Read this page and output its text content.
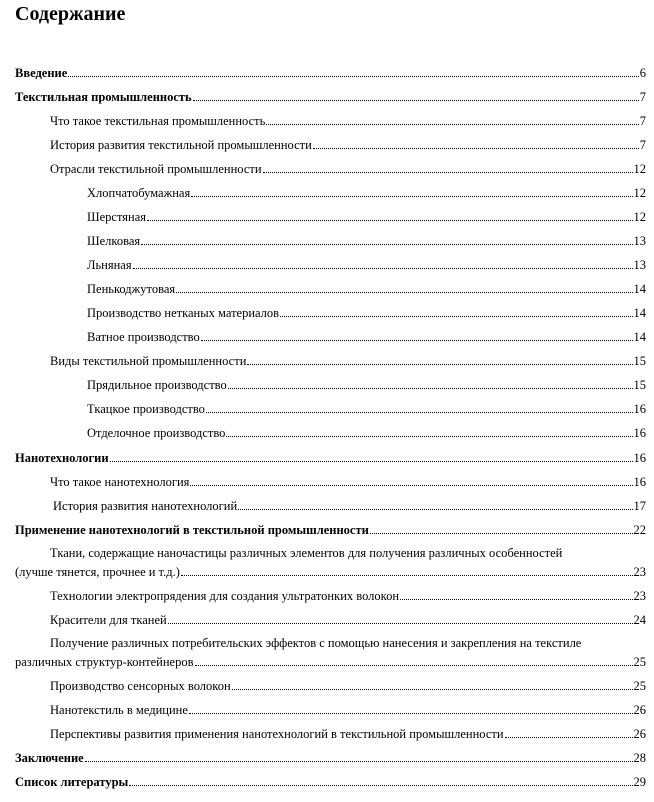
Содержание
Введение	6
Текстильная промышленность	7
Что такое текстильная промышленность	7
История развития текстильной промышленности	7
Отрасли текстильной промышленности	12
Хлопчатобумажная	12
Шерстяная	12
Шелковая	13
Льняная	13
Пенькоджутовая	14
Производство нетканых материалов	14
Ватное производство	14
Виды текстильной промышленности	15
Прядильное производство	15
Ткацкое производство	16
Отделочное производство	16
Нанотехнологии	16
Что такое нанотехнология	16
История развития нанотехнологий	17
Применение нанотехнологий в текстильной промышленности	22
Ткани, содержащие наночастицы различных элементов для получения различных особенностей
(лучше тянется, прочнее и т.д.)	23
Технологии электропрядения для создания ультратонких волокон	23
Красители для тканей	24
Получение различных потребительских эффектов с помощью нанесения и закрепления на текстиле
различных структур-контейнеров	25
Производство сенсорных волокон	25
Нанотекстиль в медицине	26
Перспективы развития применения нанотехнологий в текстильной промышленности	26
Заключение	28
Список литературы	29
